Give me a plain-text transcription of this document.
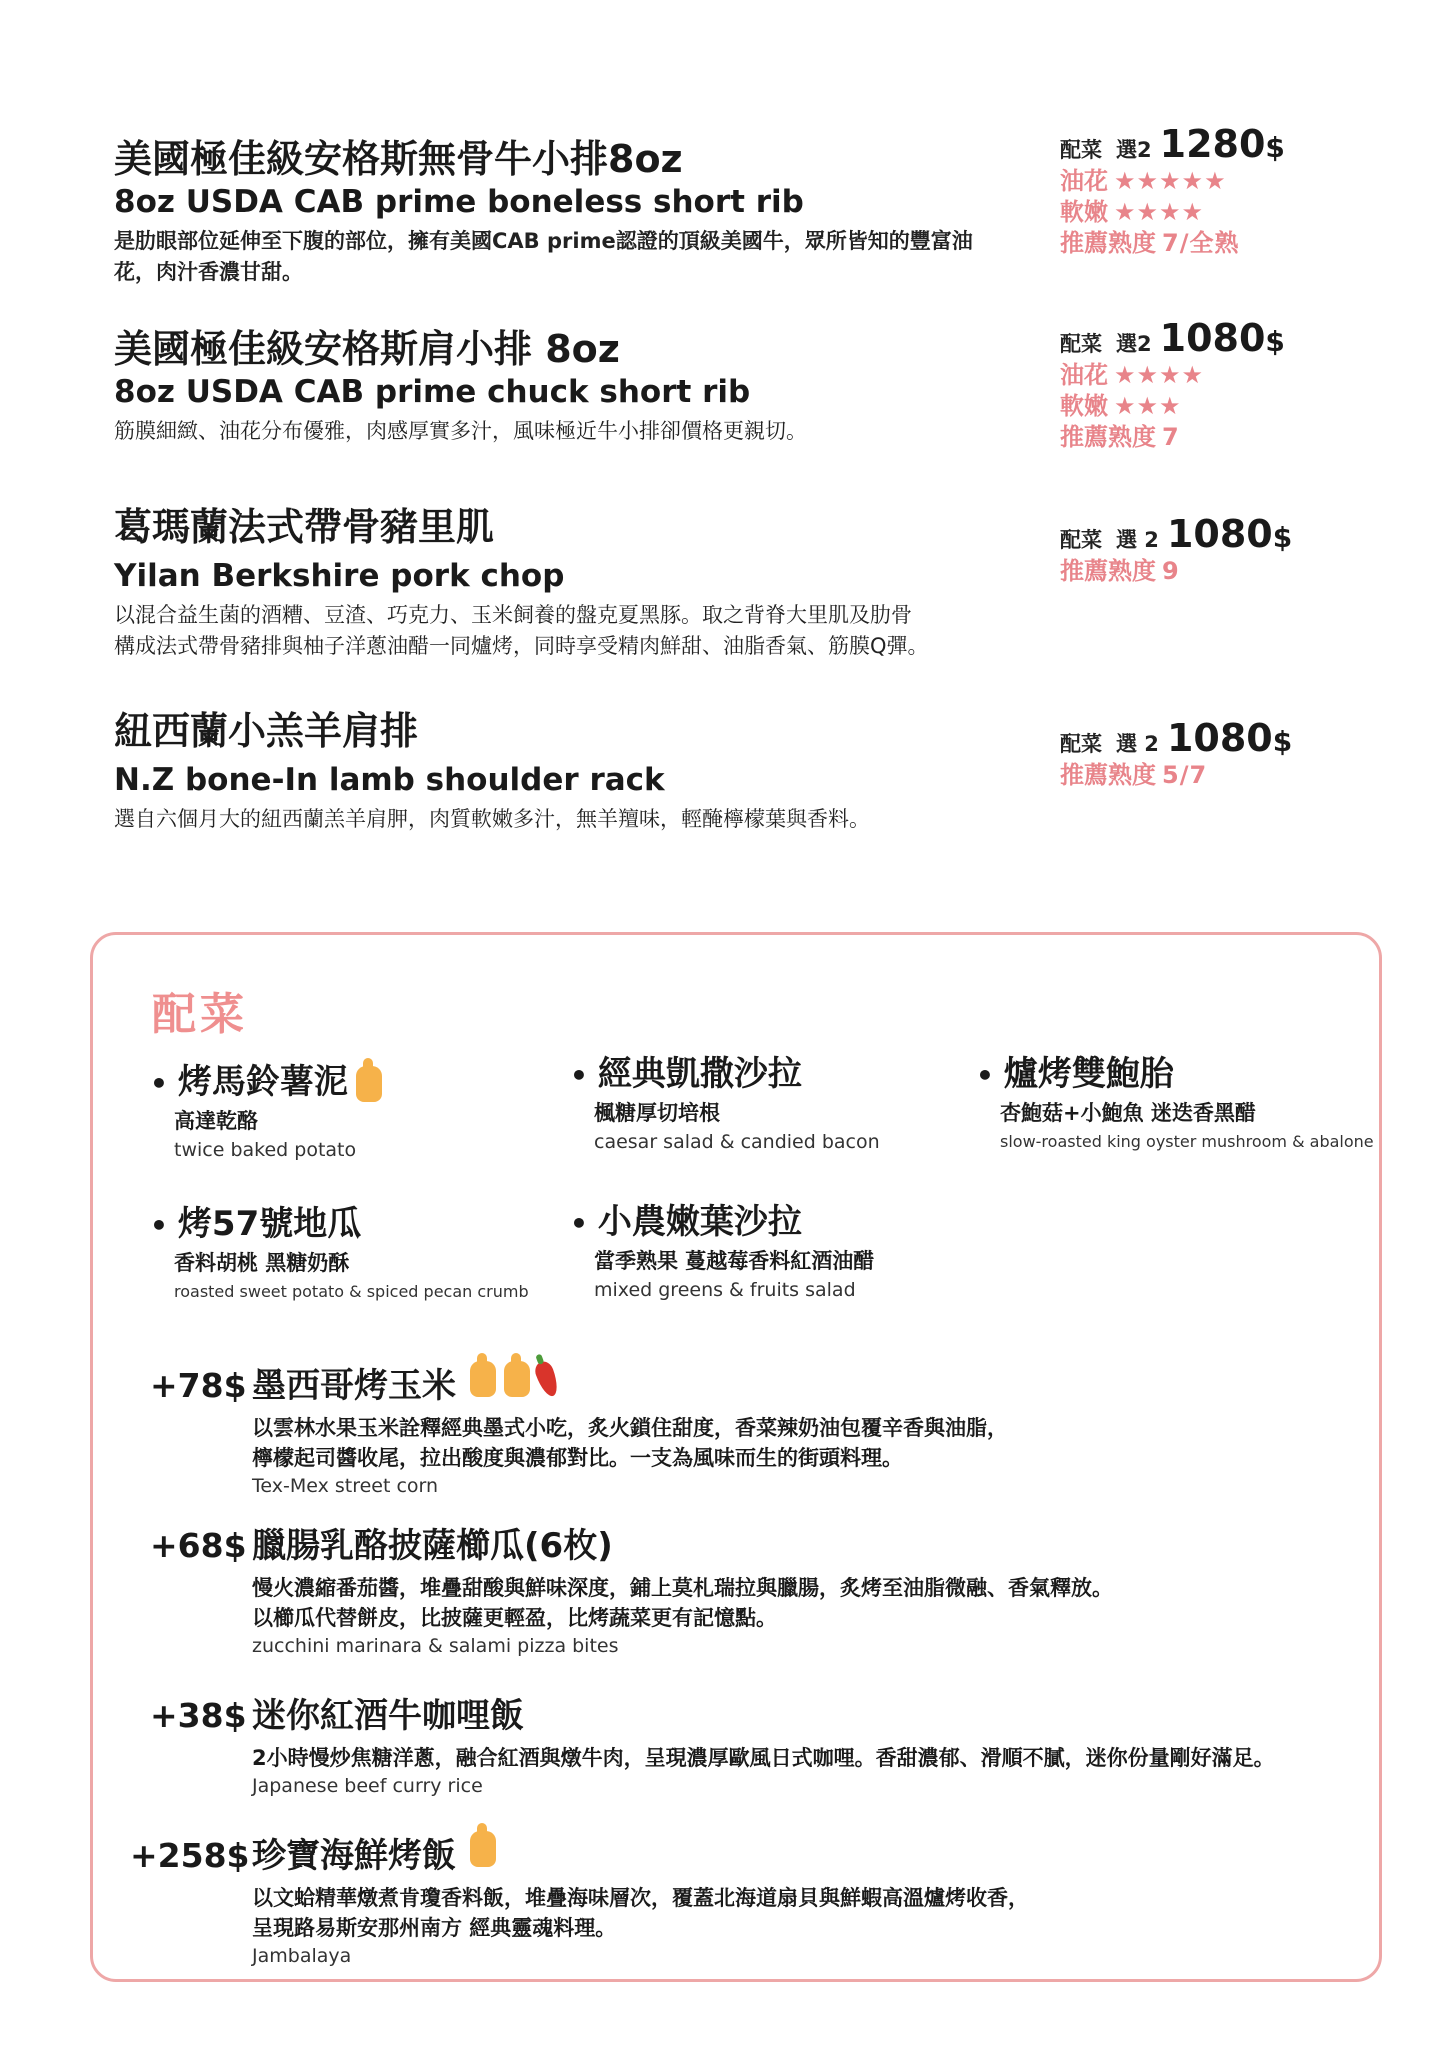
美國極佳級安格斯無骨牛小排8oz
8oz USDA CAB prime boneless short rib
是肋眼部位延伸至下腹的部位，擁有美國CAB prime認證的頂級美國牛，眾所皆知的豐富油
花，肉汁香濃甘甜。
配菜 選2 1280$
油花 ★★★★★
軟嫩 ★★★★
推薦熟度 7/全熟
美國極佳級安格斯肩小排 8oz
8oz USDA CAB prime chuck short rib
筋膜細緻、油花分布優雅，肉感厚實多汁，風味極近牛小排卻價格更親切。
配菜 選2 1080$
油花 ★★★★
軟嫩 ★★★
推薦熟度 7
葛瑪蘭法式帶骨豬里肌
Yilan Berkshire pork chop
以混合益生菌的酒糟、豆渣、巧克力、玉米飼養的盤克夏黑豚。取之背脊大里肌及肋骨
構成法式帶骨豬排與柚子洋蔥油醋一同爐烤，同時享受精肉鮮甜、油脂香氣、筋膜Q彈。
配菜 選 2 1080$
推薦熟度 9
紐西蘭小羔羊肩排
N.Z bone-In lamb shoulder rack
選自六個月大的紐西蘭羔羊肩胛，肉質軟嫩多汁，無羊羶味，輕醃檸檬葉與香料。
配菜 選 2 1080$
推薦熟度 5/7
配菜
• 烤馬鈴薯泥
高達乾酪
twice baked potato
• 經典凱撒沙拉
楓糖厚切培根
caesar salad & candied bacon
• 爐烤雙鮑胎
杏鮑菇+小鮑魚 迷迭香黑醋
slow-roasted king oyster mushroom & abalone
• 烤57號地瓜
香料胡桃 黑糖奶酥
roasted sweet potato & spiced pecan crumb
• 小農嫩葉沙拉
當季熟果 蔓越莓香料紅酒油醋
mixed greens & fruits salad
+78$ 墨西哥烤玉米
以雲林水果玉米詮釋經典墨式小吃，炙火鎖住甜度，香菜辣奶油包覆辛香與油脂，
檸檬起司醬收尾，拉出酸度與濃郁對比。一支為風味而生的街頭料理。
Tex-Mex street corn
+68$ 臘腸乳酪披薩櫛瓜(6枚)
慢火濃縮番茄醬，堆疊甜酸與鮮味深度，鋪上莫札瑞拉與臘腸，炙烤至油脂微融、香氣釋放。
以櫛瓜代替餅皮，比披薩更輕盈，比烤蔬菜更有記憶點。
zucchini marinara & salami pizza bites
+38$ 迷你紅酒牛咖哩飯
2小時慢炒焦糖洋蔥，融合紅酒與燉牛肉，呈現濃厚歐風日式咖哩。香甜濃郁、滑順不膩，迷你份量剛好滿足。
Japanese beef curry rice
+258$ 珍寶海鮮烤飯
以文蛤精華燉煮肯瓊香料飯，堆疊海味層次，覆蓋北海道扇貝與鮮蝦高溫爐烤收香，
呈現路易斯安那州南方 經典靈魂料理。
Jambalaya
